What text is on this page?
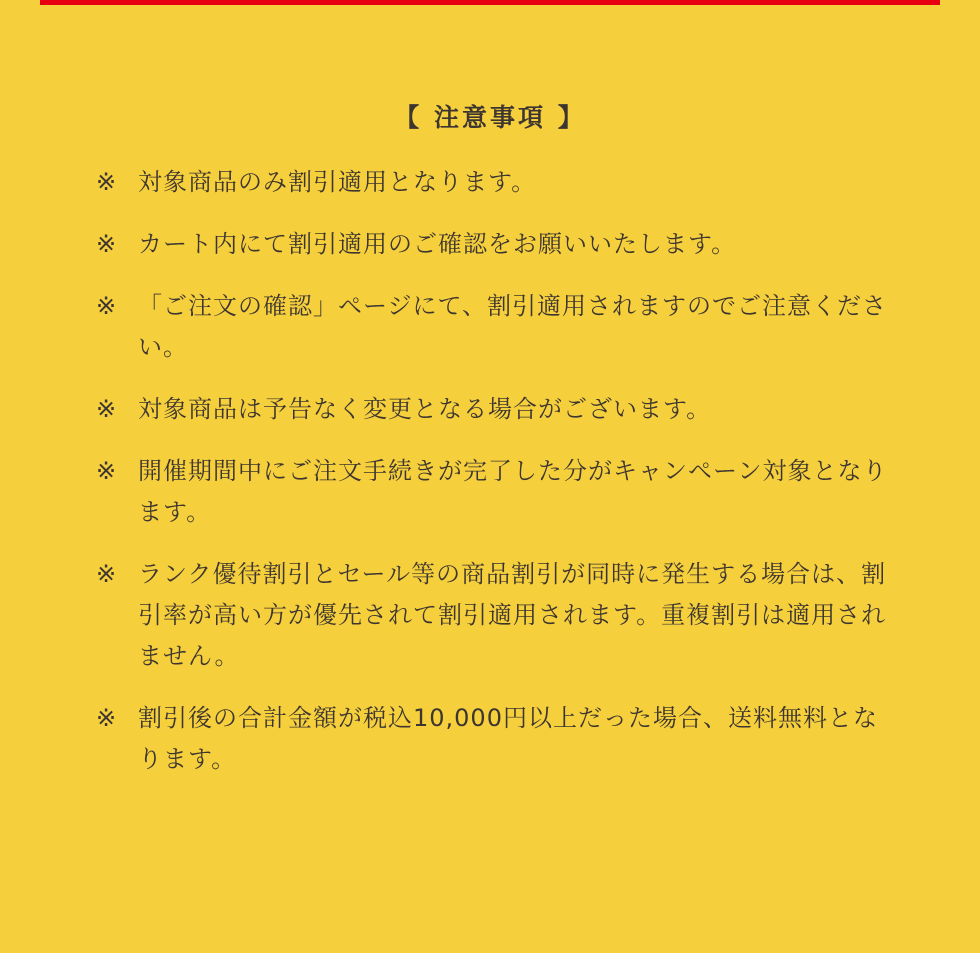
【 注意事項 】
※ 対象商品のみ割引適用となります。
※ カート内にて割引適用のご確認をお願いいたします。
※ 「ご注文の確認」ページにて、割引適用されますのでご注意ください。
※ 対象商品は予告なく変更となる場合がございます。
※ 開催期間中にご注文手続きが完了した分がキャンペーン対象となります。
※ ランク優待割引とセール等の商品割引が同時に発生する場合は、割引率が高い方が優先されて割引適用されます。重複割引は適用されません。
※ 割引後の合計金額が税込10,000円以上だった場合、送料無料となります。
